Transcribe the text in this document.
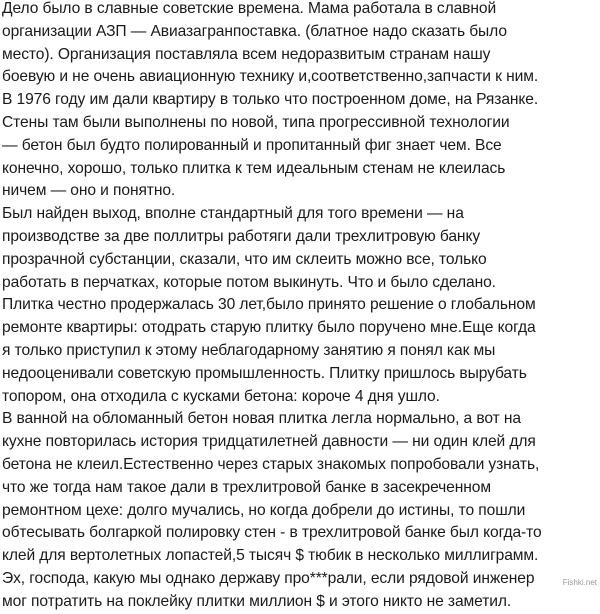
Дело было в славные советские времена. Мама работала в славной
организации АЗП — Авиазагранпоставка. (блатное надо сказать было
место). Организация поставляла всем недоразвитым странам нашу
боевую и не очень авиационную технику и,соответственно,запчасти к ним.
В 1976 году им дали квартиру в только что построенном доме, на Рязанке.
Стены там были выполнены по новой, типа прогрессивной технологии
— бетон был будто полированный и пропитанный фиг знает чем. Все
конечно, хорошо, только плитка к тем идеальным стенам не клеилась
ничем — оно и понятно.
Был найден выход, вполне стандартный для того времени — на
производстве за две поллитры работяги дали трехлитровую банку
прозрачной субстанции, сказали, что им склеить можно все, только
работать в перчатках, которые потом выкинуть. Что и было сделано.
Плитка честно продержалась 30 лет,было принято решение о глобальном
ремонте квартиры: отодрать старую плитку было поручено мне.Еще когда
я только приступил к этому неблагодарному занятию я понял как мы
недооценивали советскую промышленность. Плитку пришлось вырубать
топором, она отходила с кусками бетона: короче 4 дня ушло.
В ванной на обломанный бетон новая плитка легла нормально, а вот на
кухне повторилась история тридцатилетней давности — ни один клей для
бетона не клеил.Естественно через старых знакомых попробовали узнать,
что же тогда нам такое дали в трехлитровой банке в засекреченном
ремонтном цехе: долго мучались, но когда добрели до истины, то пошли
обтесывать болгаркой полировку стен - в трехлитровой банке был когда-то
клей для вертолетных лопастей,5 тысяч $ тюбик в несколько миллиграмм.
Эх, господа, какую мы однако державу про***рали, если рядовой инженер
мог потратить на поклейку плитки миллион $ и этого никто не заметил.
Fishki.net
